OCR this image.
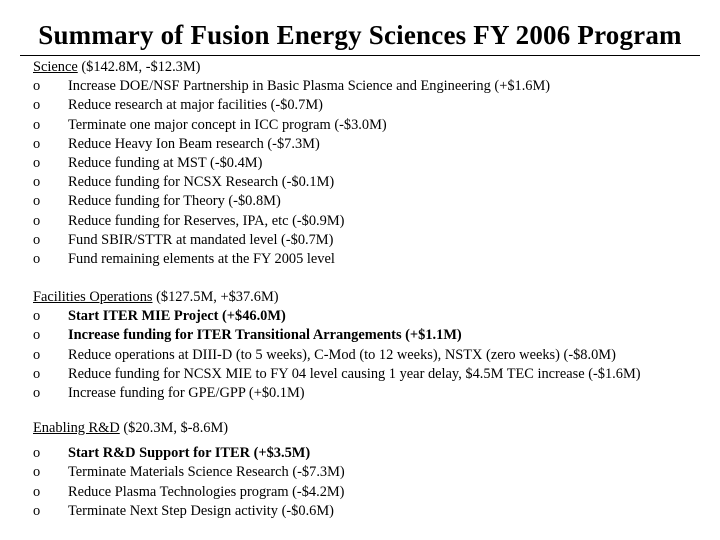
Summary of Fusion Energy Sciences FY 2006 Program
Science ($142.8M, -$12.3M)
o	Increase DOE/NSF Partnership in Basic Plasma Science and Engineering (+$1.6M)
o	Reduce research at major facilities (-$0.7M)
o	Terminate one major concept in ICC program (-$3.0M)
o	Reduce Heavy Ion Beam research (-$7.3M)
o	Reduce funding at MST (-$0.4M)
o	Reduce funding for NCSX Research (-$0.1M)
o	Reduce funding for Theory (-$0.8M)
o	Reduce funding for Reserves, IPA, etc (-$0.9M)
o	Fund SBIR/STTR at mandated level (-$0.7M)
o	Fund remaining elements at the FY 2005 level
Facilities Operations ($127.5M, +$37.6M)
o	Start ITER MIE Project (+$46.0M)
o	Increase funding for ITER Transitional Arrangements (+$1.1M)
o	Reduce operations at DIII-D (to 5 weeks), C-Mod (to 12 weeks), NSTX (zero weeks) (-$8.0M)
o	Reduce funding for NCSX MIE to FY 04 level causing 1 year delay, $4.5M TEC increase (-$1.6M)
o	Increase funding for GPE/GPP (+$0.1M)
Enabling R&D ($20.3M, $-8.6M)
o	Start R&D Support for ITER (+$3.5M)
o	Terminate Materials Science Research (-$7.3M)
o	Reduce Plasma Technologies program (-$4.2M)
o	Terminate Next Step Design activity (-$0.6M)
